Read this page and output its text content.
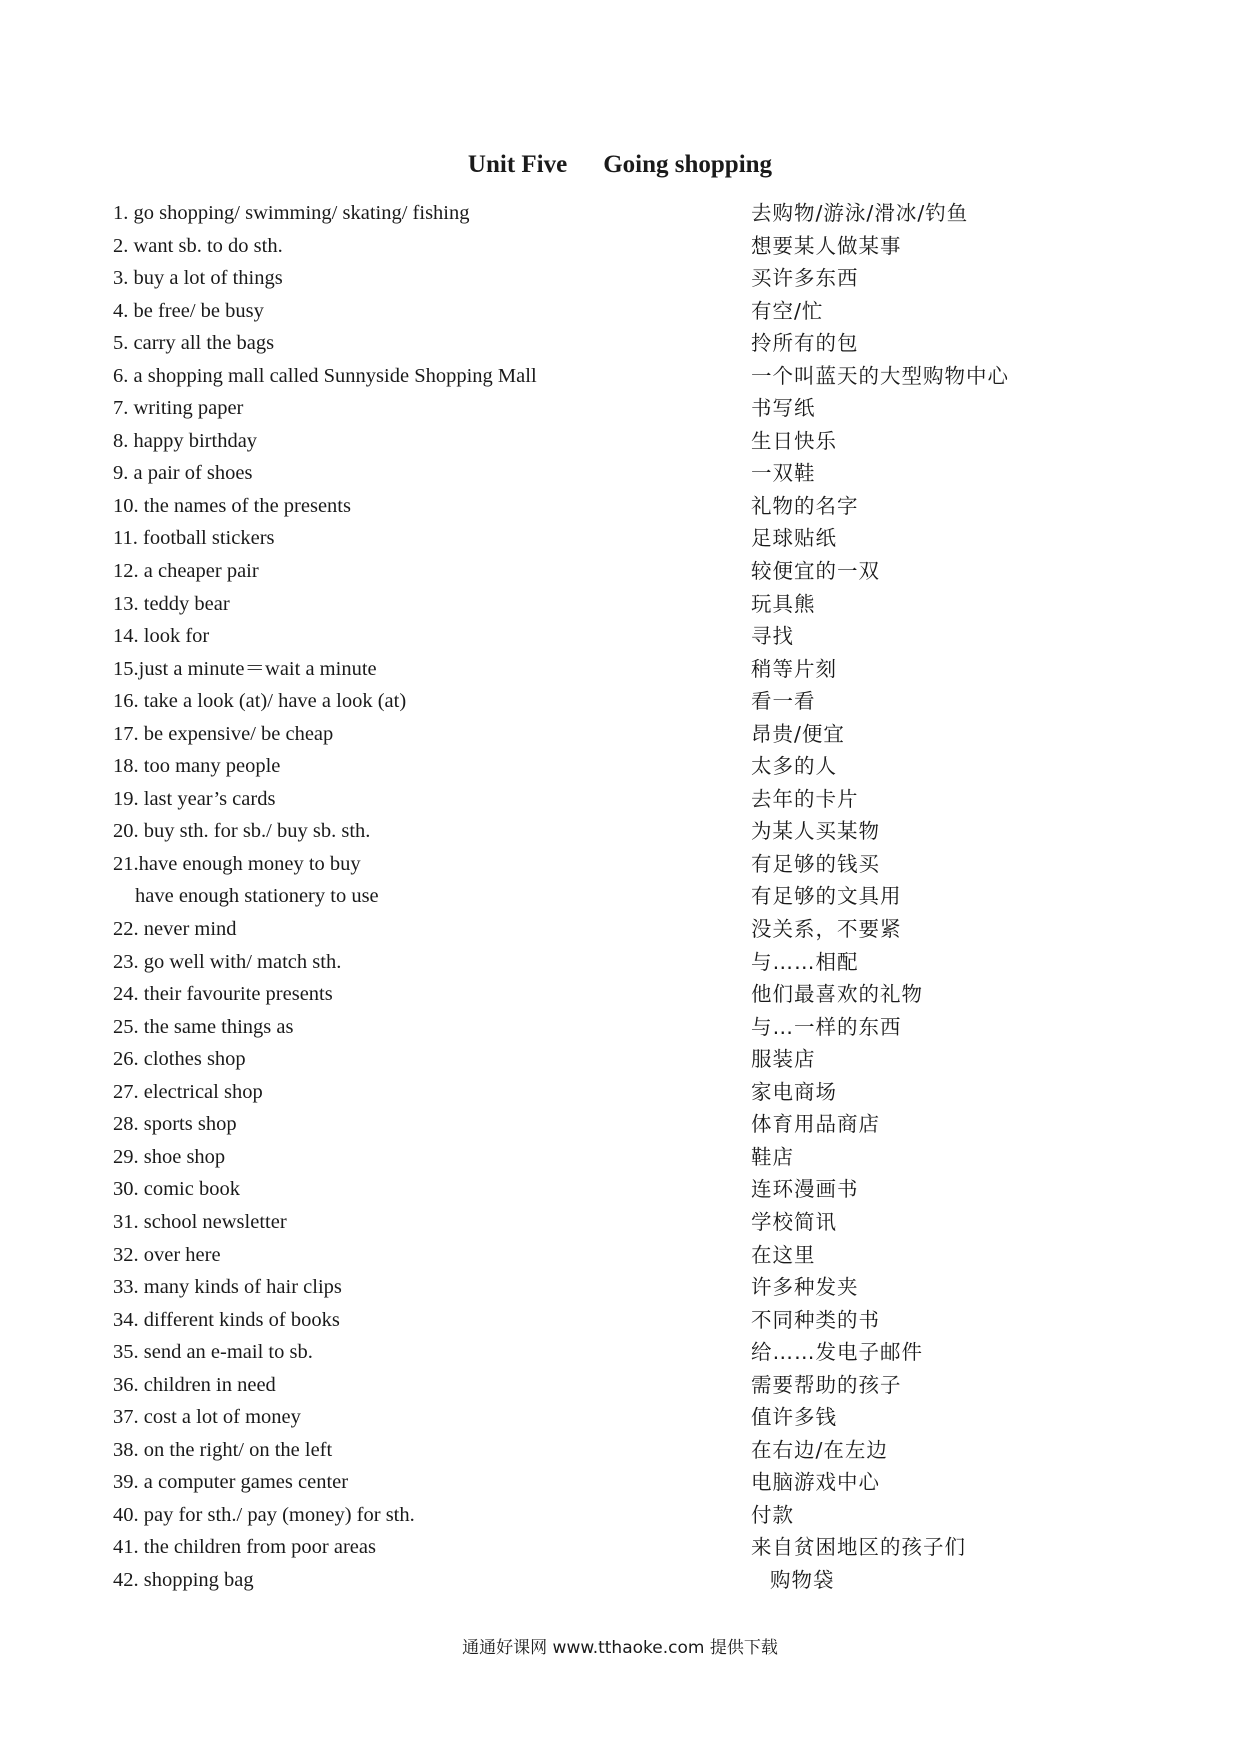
Unit Five Going shopping
1. go shopping/ swimming/ skating/ fishing	去购物/游泳/滑冰/钓鱼
2. want sb. to do sth.	想要某人做某事
3. buy a lot of things	买许多东西
4. be free/ be busy	有空/忙
5. carry all the bags	拎所有的包
6. a shopping mall called Sunnyside Shopping Mall	一个叫蓝天的大型购物中心
7. writing paper	书写纸
8. happy birthday	生日快乐
9. a pair of shoes	一双鞋
10. the names of the presents	礼物的名字
11. football stickers	足球贴纸
12. a cheaper pair	较便宜的一双
13. teddy bear	玩具熊
14. look for	寻找
15.just a minute＝wait a minute	稍等片刻
16. take a look (at)/ have a look (at)	看一看
17. be expensive/ be cheap	昂贵/便宜
18. too many people	太多的人
19. last year’s cards	去年的卡片
20. buy sth. for sb./ buy sb. sth.	为某人买某物
21.have enough money to buy	有足够的钱买
have enough stationery to use	有足够的文具用
22. never mind	没关系，不要紧
23. go well with/ match sth.	与……相配
24. their favourite presents	他们最喜欢的礼物
25. the same things as	与…一样的东西
26. clothes shop	服装店
27. electrical shop	家电商场
28. sports shop	体育用品商店
29. shoe shop	鞋店
30. comic book	连环漫画书
31. school newsletter	学校简讯
32. over here	在这里
33. many kinds of hair clips	许多种发夹
34. different kinds of books	不同种类的书
35. send an e-mail to sb.	给……发电子邮件
36. children in need	需要帮助的孩子
37. cost a lot of money	值许多钱
38. on the right/ on the left	在右边/在左边
39. a computer games center	电脑游戏中心
40. pay for sth./ pay (money) for sth.	付款
41. the children from poor areas	来自贫困地区的孩子们
42. shopping bag	购物袋
通通好课网 www.tthaoke.com 提供下载
